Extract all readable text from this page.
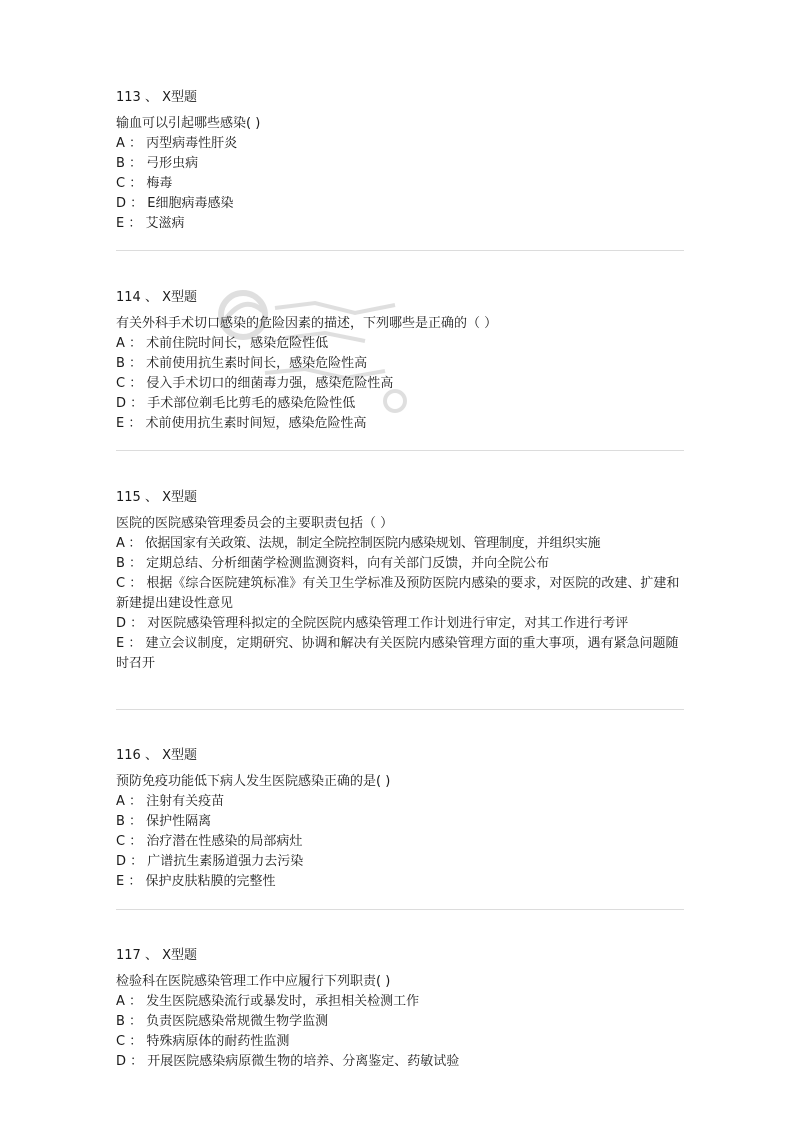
113 、 X型题
输血可以引起哪些感染( )
A ： 丙型病毒性肝炎
B ： 弓形虫病
C ： 梅毒
D ： E细胞病毒感染
E ： 艾滋病
114 、 X型题
有关外科手术切口感染的危险因素的描述，下列哪些是正确的（ ）
A ： 术前住院时间长，感染危险性低
B ： 术前使用抗生素时间长，感染危险性高
C ： 侵入手术切口的细菌毒力强，感染危险性高
D ： 手术部位剃毛比剪毛的感染危险性低
E ： 术前使用抗生素时间短，感染危险性高
115 、 X型题
医院的医院感染管理委员会的主要职责包括（ ）
A ： 依据国家有关政策、法规，制定全院控制医院内感染规划、管理制度，并组织实施
B ： 定期总结、分析细菌学检测监测资料，向有关部门反馈，并向全院公布
C ： 根据《综合医院建筑标准》有关卫生学标准及预防医院内感染的要求，对医院的改建、扩建和新建提出建设性意见
D ： 对医院感染管理科拟定的全院医院内感染管理工作计划进行审定，对其工作进行考评
E ： 建立会议制度，定期研究、协调和解决有关医院内感染管理方面的重大事项，遇有紧急问题随时召开
116 、 X型题
预防免疫功能低下病人发生医院感染正确的是( )
A ： 注射有关疫苗
B ： 保护性隔离
C ： 治疗潜在性感染的局部病灶
D ： 广谱抗生素肠道强力去污染
E ： 保护皮肤粘膜的完整性
117 、 X型题
检验科在医院感染管理工作中应履行下列职责( )
A ： 发生医院感染流行或暴发时，承担相关检测工作
B ： 负责医院感染常规微生物学监测
C ： 特殊病原体的耐药性监测
D ： 开展医院感染病原微生物的培养、分离鉴定、药敏试验
